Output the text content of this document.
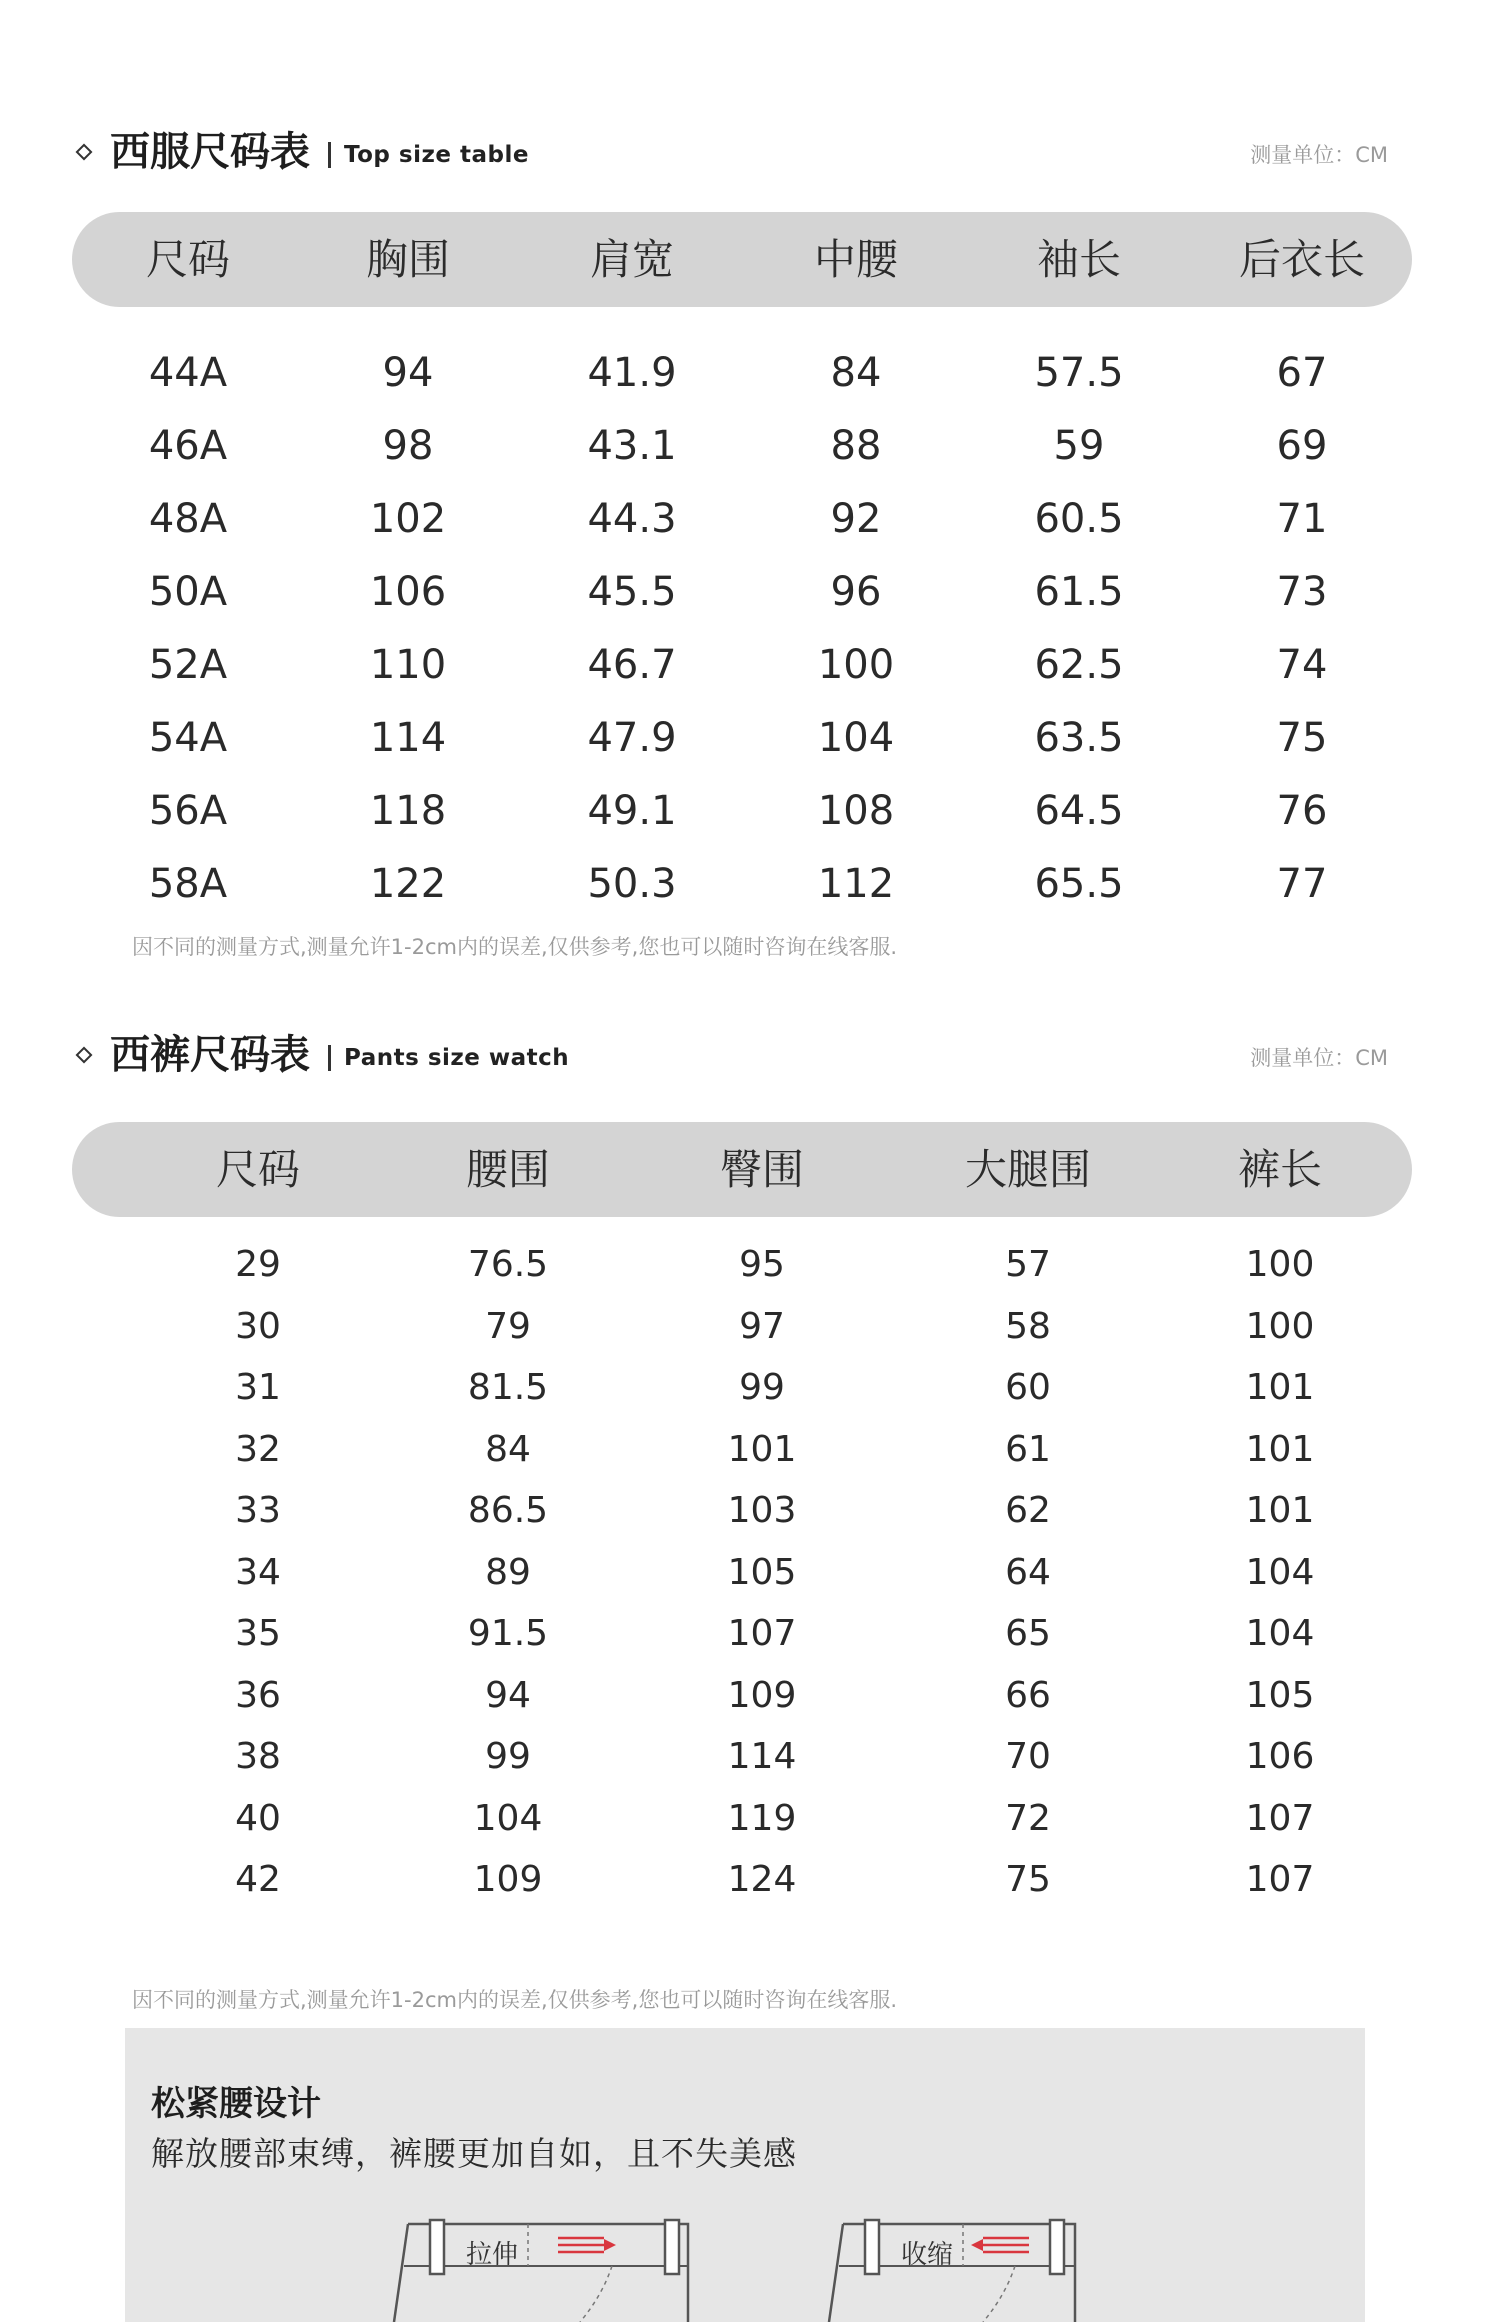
西服尺码表 Top size table	测量单位：CM
尺码	胸围	肩宽	中腰	袖长	后衣长
44A	94	41.9	84	57.5	67
46A	98	43.1	88	59	69
48A	102	44.3	92	60.5	71
50A	106	45.5	96	61.5	73
52A	110	46.7	100	62.5	74
54A	114	47.9	104	63.5	75
56A	118	49.1	108	64.5	76
58A	122	50.3	112	65.5	77
因不同的测量方式,测量允许1-2cm内的误差,仅供参考,您也可以随时咨询在线客服.
西裤尺码表 Pants size watch	测量单位：CM
尺码	腰围	臀围	大腿围	裤长
29	76.5	95	57	100
30	79	97	58	100
31	81.5	99	60	101
32	84	101	61	101
33	86.5	103	62	101
34	89	105	64	104
35	91.5	107	65	104
36	94	109	66	105
38	99	114	70	106
40	104	119	72	107
42	109	124	75	107
因不同的测量方式,测量允许1-2cm内的误差,仅供参考,您也可以随时咨询在线客服.
松紧腰设计
解放腰部束缚，裤腰更加自如，且不失美感
拉伸	收缩
